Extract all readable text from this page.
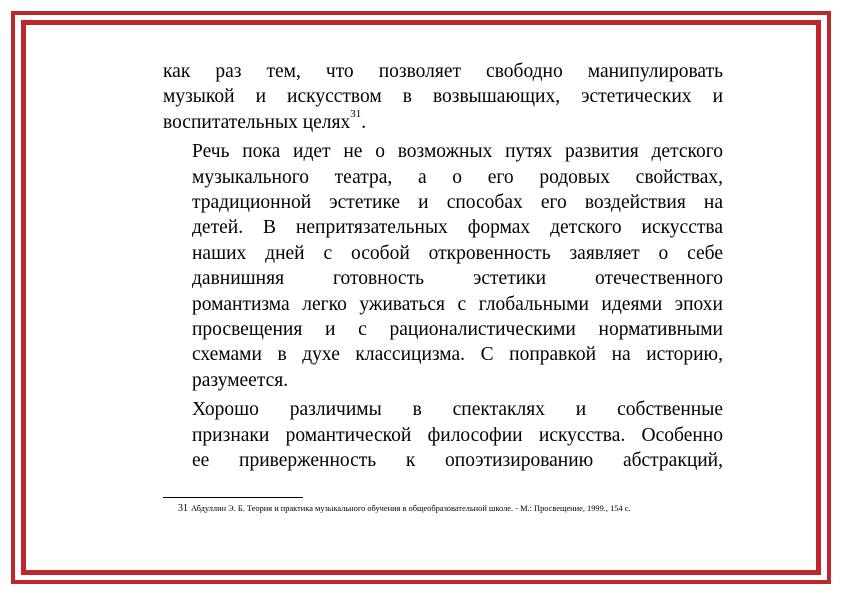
как раз тем, что позволяет свободно манипулировать
музыкой и искусством в возвышающих, эстетических и
воспитательных целях$^{31}$.

Речь пока идет не о возможных путях развития детского
музыкального театра, а о его родовых свойствах,
традиционной эстетике и способах его воздействия на
детей. В непритязательных формах детского искусства
наших дней с особой откровенность заявляет о себе
давнишняя готовность эстетики отечественного
романтизма легко уживаться с глобальными идеями эпохи
просвещения и с рационалистическими нормативными
схемами в духе классицизма. С поправкой на историю,
разумеется.

Хорошо различимы в спектаклях и собственные
признаки романтической философии искусства. Особенно
ее приверженность к опоэтизированию абстракций,

31 Абдуллин Э. Б. Теория и практика музыкального обучения в общеобразовательной школе. - М.: Просвещение, 1999., 154 с.
